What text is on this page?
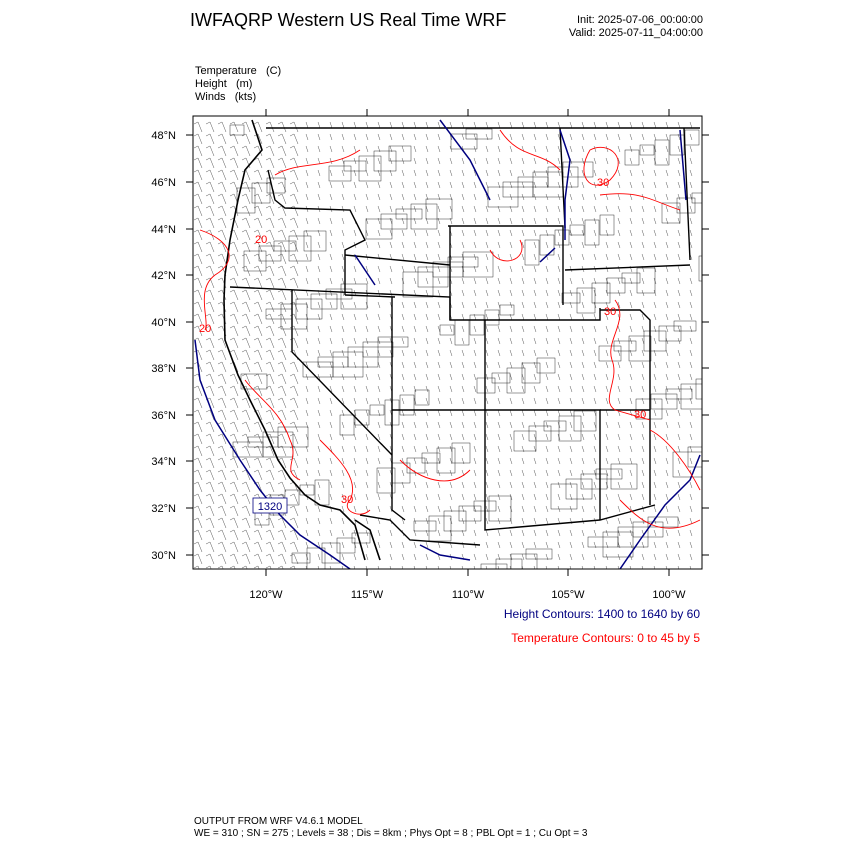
IWFAQRP Western US Real Time WRF	Init: 2025-07-06_00:00:00
Valid: 2025-07-11_04:00:00
Temperature (C)
Height (m)
Winds (kts)
1320
20
20
30
30
30
30
48°N
46°N
44°N
42°N
40°N
38°N
36°N
34°N
32°N
30°N
120°W	115°W	110°W	105°W	100°W
Height Contours: 1400 to 1640 by 60
Temperature Contours: 0 to 45 by 5
OUTPUT FROM WRF V4.6.1 MODEL
WE = 310 ; SN = 275 ; Levels = 38 ; Dis = 8km ; Phys Opt = 8 ; PBL Opt = 1 ; Cu Opt = 3
